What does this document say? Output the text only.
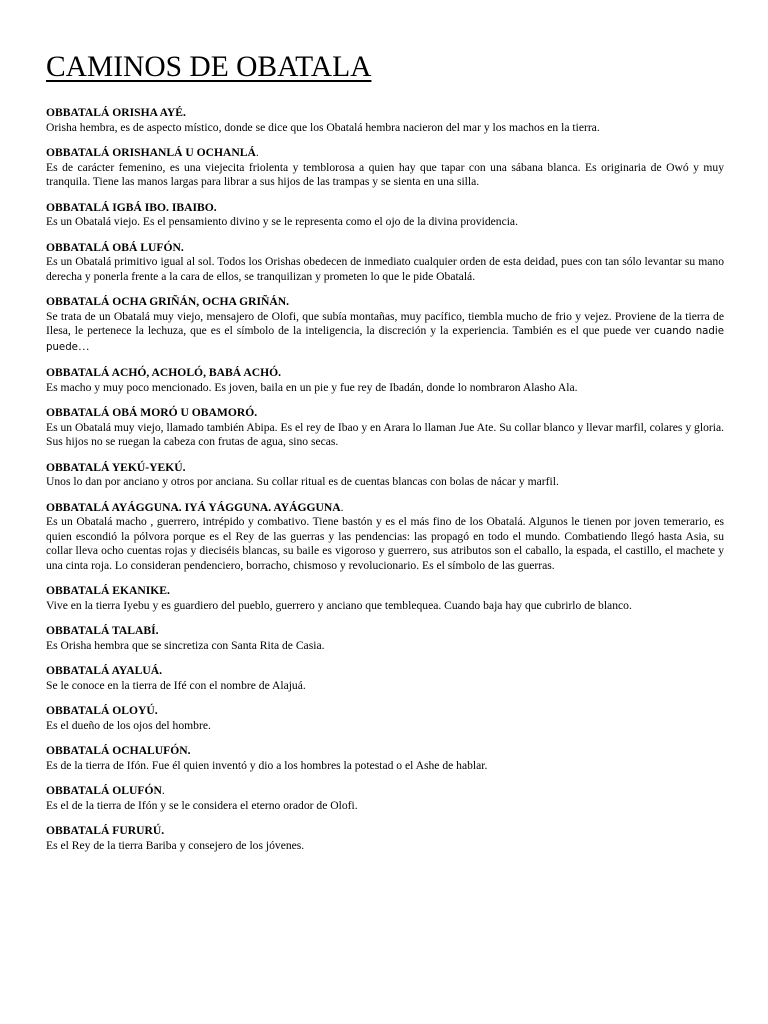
CAMINOS DE OBATALA

OBBATALÁ ORISHA AYÉ.

Orisha hembra, es de aspecto místico, donde se dice que los Obatalá hembra nacieron del mar y los machos en la tierra.

OBBATALÁ ORISHANLÁ U OCHANLÁ.

Es de carácter femenino, es una viejecita friolenta y temblorosa a quien hay que tapar con una sábana blanca. Es originaria de Owó y muy tranquila. Tiene las manos largas para librar a sus hijos de las trampas y se sienta en una silla.

OBBATALÁ IGBÁ IBO. IBAIBO.

Es un Obatalá viejo. Es el pensamiento divino y se le representa como el ojo de la divina providencia.

OBBATALÁ OBÁ LUFÓN.

Es un Obatalá primitivo igual al sol. Todos los Orishas obedecen de inmediato cualquier orden de esta deidad, pues con tan sólo levantar su mano derecha y ponerla frente a la cara de ellos, se tranquilizan y prometen lo que le pide Obatalá.

OBBATALÁ OCHA GRIÑÁN, OCHA GRIÑÁN.

Se trata de un Obatalá muy viejo, mensajero de Olofi, que subía montañas, muy pacífico, tiembla mucho de frio y vejez. Proviene de la tierra de Ilesa, le pertenece la lechuza, que es el símbolo de la inteligencia, la discreción y la experiencia. También es el que puede ver cuando nadie puede…

OBBATALÁ ACHÓ, ACHOLÓ, BABÁ ACHÓ.

Es macho y muy poco mencionado. Es joven, baila en un pie y fue rey de Ibadán, donde lo nombraron Alasho Ala.

OBBATALÁ OBÁ MORÓ U OBAMORÓ.

Es un Obatalá muy viejo, llamado también Abipa. Es el rey de Ibao y en Arara lo llaman Jue Ate. Su collar blanco y llevar marfil, colares y gloria. Sus hijos no se ruegan la cabeza con frutas de agua, sino secas.

OBBATALÁ YEKÚ-YEKÚ.

Unos lo dan por anciano y otros por anciana. Su collar ritual es de cuentas blancas con bolas de nácar y marfil.

OBBATALÁ AYÁGGUNA. IYÁ YÁGGUNA. AYÁGGUNA.

Es un Obatalá macho , guerrero, intrépido y combativo. Tiene bastón y es el más fino de los Obatalá. Algunos le tienen por joven temerario, es quien escondió la pólvora porque es el Rey de las guerras y las pendencias: las propagó en todo el mundo. Combatiendo llegó hasta Asia, su collar lleva ocho cuentas rojas y dieciséis blancas, su baile es vigoroso y guerrero, sus atributos son el caballo, la espada, el castillo, el machete y una cinta roja. Lo consideran pendenciero, borracho, chismoso y revolucionario. Es el símbolo de las guerras.

OBBATALÁ EKANIKE.

Vive en la tierra Iyebu y es guardiero del pueblo, guerrero y anciano que tembleque​a. Cuando baja hay que cubrirlo de blanco.

OBBATALÁ TALABÍ.

Es Orisha hembra que se sincretiza con Santa Rita de Casia.

OBBATALÁ AYALUÁ.

Se le conoce en la tierra de Ifé con el nombre de Alajuá.

OBBATALÁ OLOYÚ.

Es el dueño de los ojos del hombre.

OBBATALÁ OCHALUFÓN.

Es de la tierra de Ifón. Fue él quien inventó y dio a los hombres la potestad o el Ashe de hablar.

OBBATALÁ OLUFÓN.

Es el de la tierra de Ifón y se le considera el eterno orador de Olofi.

OBBATALÁ FURURÚ.

Es el Rey de la tierra Bariba y consejero de los jóvenes.
